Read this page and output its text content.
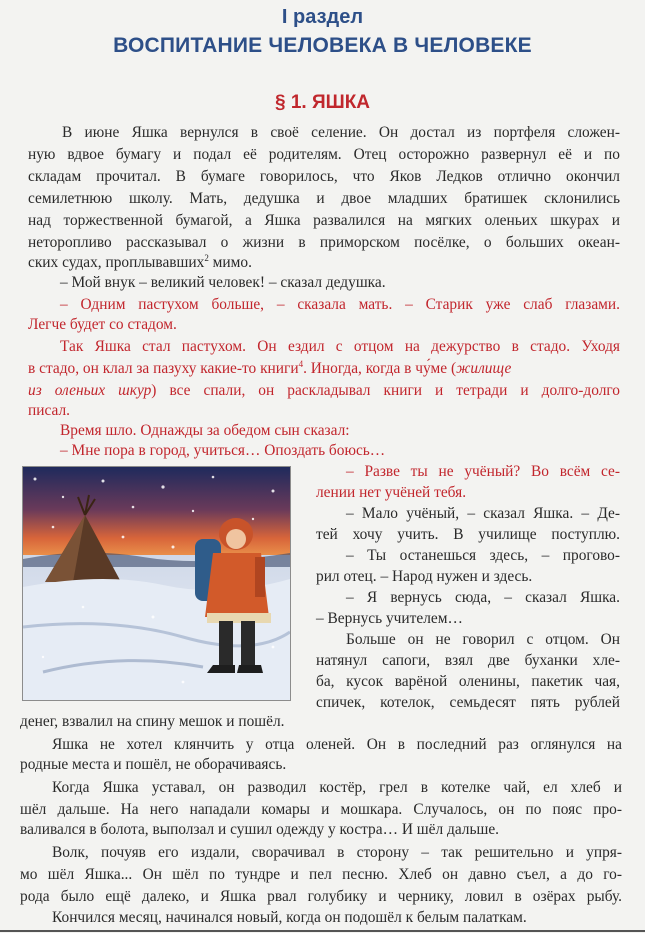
I раздел
ВОСПИТАНИЕ ЧЕЛОВЕКА В ЧЕЛОВЕКЕ
§ 1. ЯШКА
В июне Яшка вернулся в своё селение. Он достал из портфеля сложен-
ную вдвое бумагу и подал её родителям. Отец осторожно развернул её и по
складам прочитал. В бумаге говорилось, что Яков Ледков отлично окончил
семилетнюю школу. Мать, дедушка и двое младших братишек склонились
над торжественной бумагой, а Яшка развалился на мягких оленьих шкурах и
неторопливо рассказывал о жизни в приморском посёлке, о больших океан-
ских судах, проплывавших$^2$ мимо.
– Мой внук – великий человек! – сказал дедушка.
– Одним пастухом больше, – сказала мать. – Старик уже слаб глазами.
Легче будет со стадом.
Так Яшка стал пастухом. Он ездил с отцом на дежурство в стадо. Уходя
в стадо, он клал за пазуху какие-то книги$^4$. Иногда, когда в чу́ме (жилище
из оленьих шкур) все спали, он раскладывал книги и тетради и долго-долго
писал.
Время шло. Однажды за обедом сын сказал:
– Мне пора в город, учиться… Опоздать боюсь…
– Разве ты не учёный? Во всём се-
лении нет учёней тебя.
– Мало учёный, – сказал Яшка. – Де-
тей хочу учить. В училище поступлю.
– Ты останешься здесь, – прогово-
рил отец. – Народ нужен и здесь.
– Я вернусь сюда, – сказал Яшка.
– Вернусь учителем…
Больше он не говорил с отцом. Он
натянул сапоги, взял две буханки хле-
ба, кусок варёной оленины, пакетик чая,
спичек, котелок, семьдесят пять рублей
денег, взвалил на спину мешок и пошёл.
Яшка не хотел клянчить у отца оленей. Он в последний раз оглянулся на
родные места и пошёл, не оборачиваясь.
Когда Яшка уставал, он разводил костёр, грел в котелке чай, ел хлеб и
шёл дальше. На него нападали комары и мошкара. Случалось, он по пояс про-
валивался в болота, выползал и сушил одежду у костра… И шёл дальше.
Волк, почуяв его издали, сворачивал в сторону – так решительно и упря-
мо шёл Яшка... Он шёл по тундре и пел песню. Хлеб он давно съел, а до го-
рода было ещё далеко, и Яшка рвал голубику и чернику, ловил в озёрах рыбу.
Кончился месяц, начинался новый, когда он подошёл к белым палаткам.
